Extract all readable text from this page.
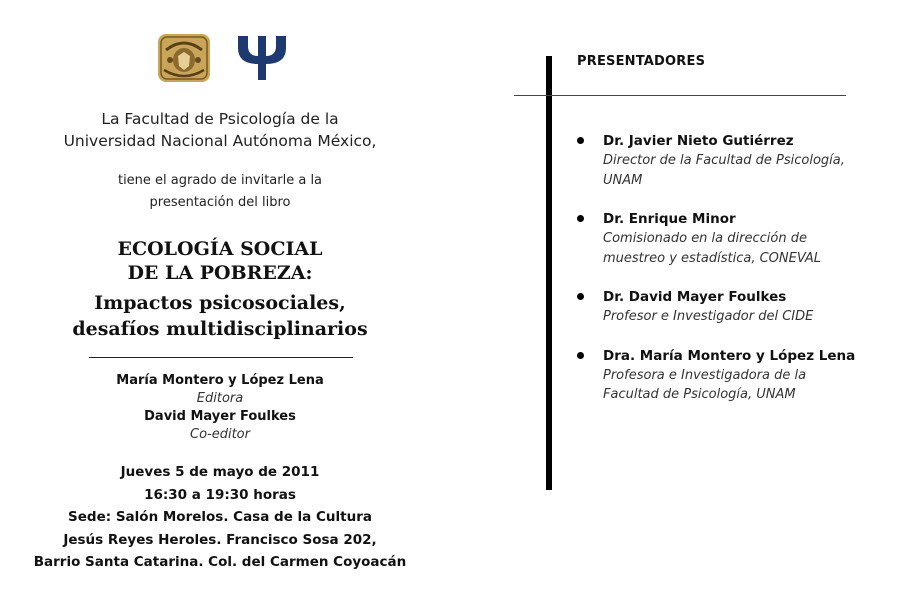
La Facultad de Psicología de la
Universidad Nacional Autónoma México,
tiene el agrado de invitarle a la
presentación del libro
ECOLOGÍA SOCIAL
DE LA POBREZA:
Impactos psicosociales,
desafíos multidisciplinarios
María Montero y López Lena
Editora
David Mayer Foulkes
Co-editor
Jueves 5 de mayo de 2011
16:30 a 19:30 horas
Sede: Salón Morelos. Casa de la Cultura
Jesús Reyes Heroles. Francisco Sosa 202,
Barrio Santa Catarina. Col. del Carmen Coyoacán
PRESENTADORES
Dr. Javier Nieto Gutiérrez
Director de la Facultad de Psicología,
UNAM
Dr. Enrique Minor
Comisionado en la dirección de
muestreo y estadística, CONEVAL
Dr. David Mayer Foulkes
Profesor e Investigador del CIDE
Dra. María Montero y López Lena
Profesora e Investigadora de la
Facultad de Psicología, UNAM
